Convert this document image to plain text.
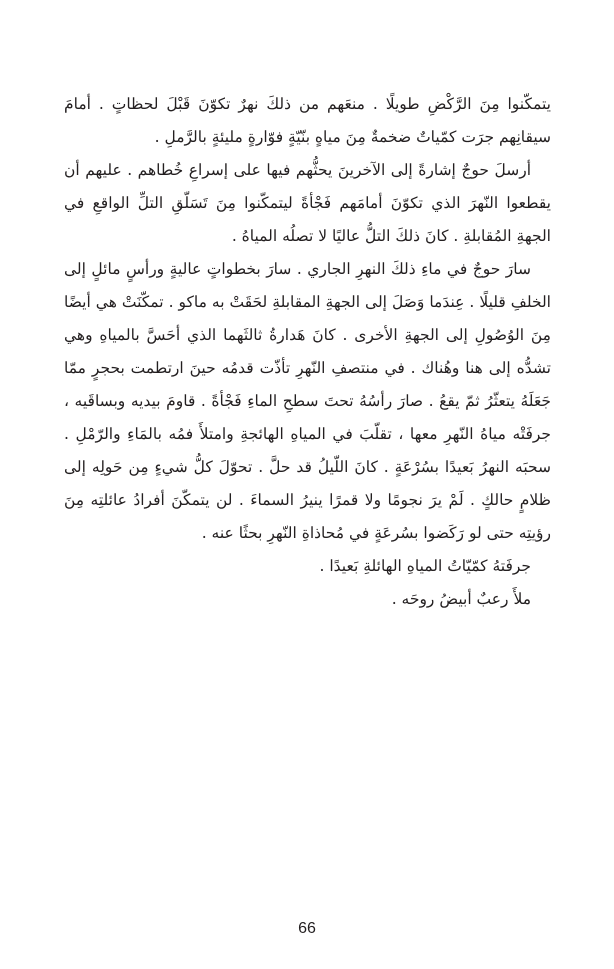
يتمكّنوا مِنَ الرَّكْضِ طويلًا . منعَهم من ذلكَ نهرٌ تكوّنَ قَبْلَ لحظاتٍ . أمامَ سيقانِهم جرَت كمّياتٌ ضخمةٌ مِنَ مياهٍ بنّيّةٍ فوّارةٍ مليئةٍ بالرَّملِ .

أرسلَ حوجٌ إشارةً إلى الآخرينَ يحثُّهم فيها على إسراعِ خُطاهم . عليهم أن يقطعوا النّهرَ الذي تكوّنَ أمامَهم فَجْأةً ليتمكّنوا مِنَ تَسَلّقِ التلِّ الواقعِ في الجهةِ المُقابلةِ . كانَ ذلكَ التلُّ عاليًا لا تصلُه المياهُ .

سارَ حوجٌ في ماءِ ذلكَ النهرِ الجاري . سارَ بخطواتٍ عاليةٍ ورأسٍ مائلٍ إلى الخلفِ قليلًا . عِندَما وَصَلَ إلى الجهةِ المقابلةِ لحَقَتْ به ماكو . تمكّنَتْ هي أيضًا مِنَ الوُصُولِ إلى الجهةِ الأخرى . كانَ هَدارةُ ثالثَهما الذي أحَسَّ بالمياهِ وهي تشدُّه إلى هنا وهُناك . في منتصفِ النّهرِ تأذّت قدمُه حينَ ارتطمت بحجرٍ ممّا جَعَلَهُ يتعثّرُ ثمّ يقعُ . صارَ رأسُهُ تحتَ سطحِ الماءِ فَجْأةً . قاومَ بيديه وبساقَيه ، جرفَتْه مياهُ النّهرِ معها ، تقلّبَ في المياهِ الهائجةِ وامتلأَ فمُه بالمَاءِ والرّمْلِ . سحبَه النهرُ بَعيدًا بسُرْعَةٍ . كانَ اللّيلُ قد حلَّ . تحوّلَ كلُّ شيءٍ مِن حَولِه إلى ظلامٍ حالكٍ . لَمْ يرَ نجومًا ولا قمرًا ينيرُ السماءَ . لن يتمكّنَ أفرادُ عائلتِه مِنَ رؤيتِه حتى لو رَكَضوا بسُرعَةٍ في مُحاذاةِ النّهرِ بحثًا عنه .

جرفَتهُ كمّيّاتُ المياهِ الهائلةِ بَعيدًا .

ملأَ رعبٌ أبيضُ روحَه .

66
